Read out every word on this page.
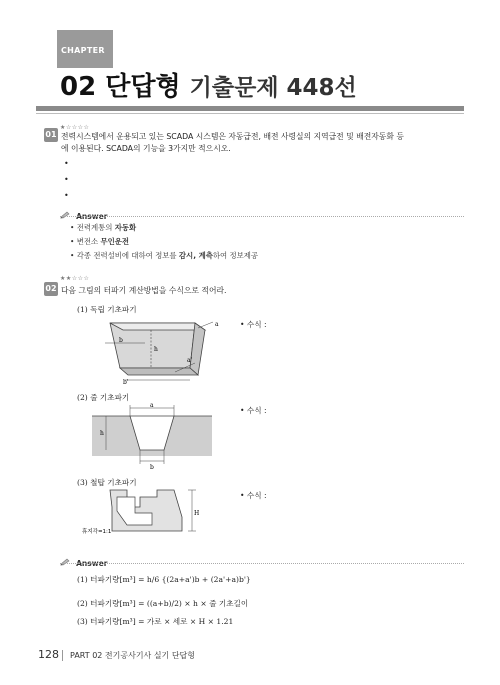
CHAPTER
02 단답형 기출문제 448선
★☆☆☆☆
01 전력시스템에서 운용되고 있는 SCADA 시스템은 자동급전, 배전 사령실의 지역급전 및 배전자동화 등
에 이용된다. SCADA의 기능을 3가지만 적으시오.
•
•
•
Answer
• 전력계통의 자동화
• 변전소 무인운전
• 각종 전력설비에 대하여 정보를 감시, 계측하여 정보제공
★★☆☆☆
02 다음 그림의 터파기 계산방법을 수식으로 적어라.
(1) 독립 기초파기
• 수식 :
a
b
h
a'
b'
(2) 줄 기초파기
• 수식 :
a
h
b
(3) 철탑 기초파기
• 수식 :
H
휴지각=1:1
Answer
(1) 터파기량[m³] = h/6 {(2a+a')b + (2a'+a)b'}
(2) 터파기량[m³] = ((a+b)/2) × h × 줄 기초길이
(3) 터파기량[m³] = 가로 × 세로 × H × 1.21
128 PART 02 전기공사기사 실기 단답형
